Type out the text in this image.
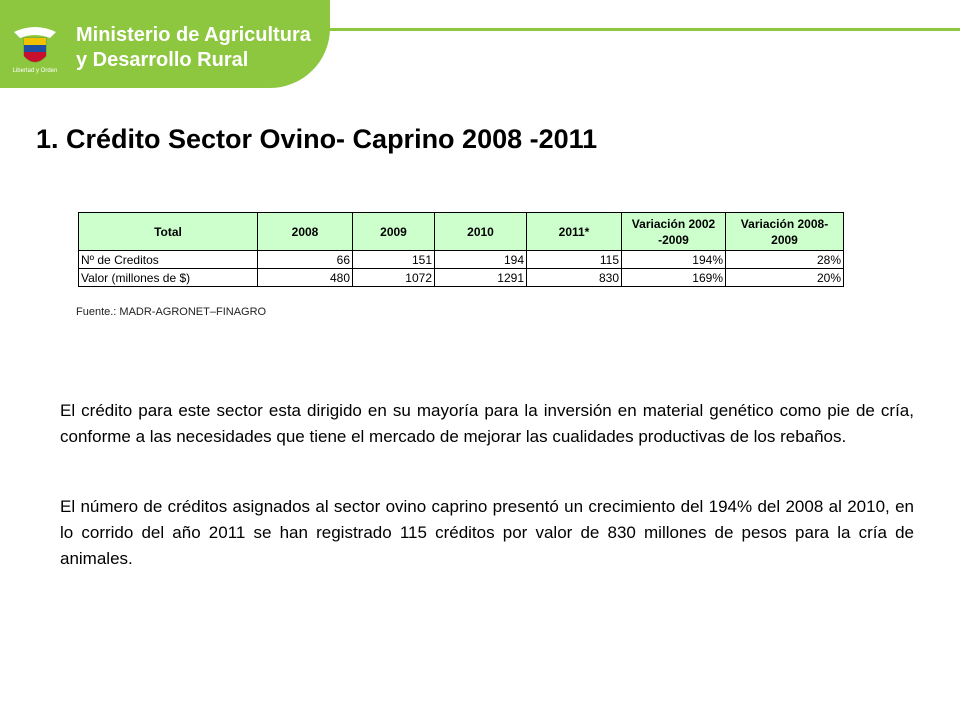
Libertad y Orden
Ministerio de Agricultura
y Desarrollo Rural
1. Crédito Sector Ovino- Caprino 2008 -2011
Total	2008	2009	2010	2011*	Variación 2002 -2009	Variación 2008-2009
Nº de Creditos	66	151	194	115	194%	28%
Valor (millones de $)	480	1072	1291	830	169%	20%
Fuente.: MADR-AGRONET–FINAGRO

El crédito para este sector esta dirigido en su mayoría para la inversión en material genético como pie de cría, conforme a las necesidades que tiene el mercado de mejorar las cualidades productivas de los rebaños.

El número de créditos asignados al sector ovino caprino presentó un crecimiento del 194% del 2008 al 2010, en lo corrido del año 2011 se han registrado 115 créditos por valor de 830 millones de pesos para la cría de animales.
